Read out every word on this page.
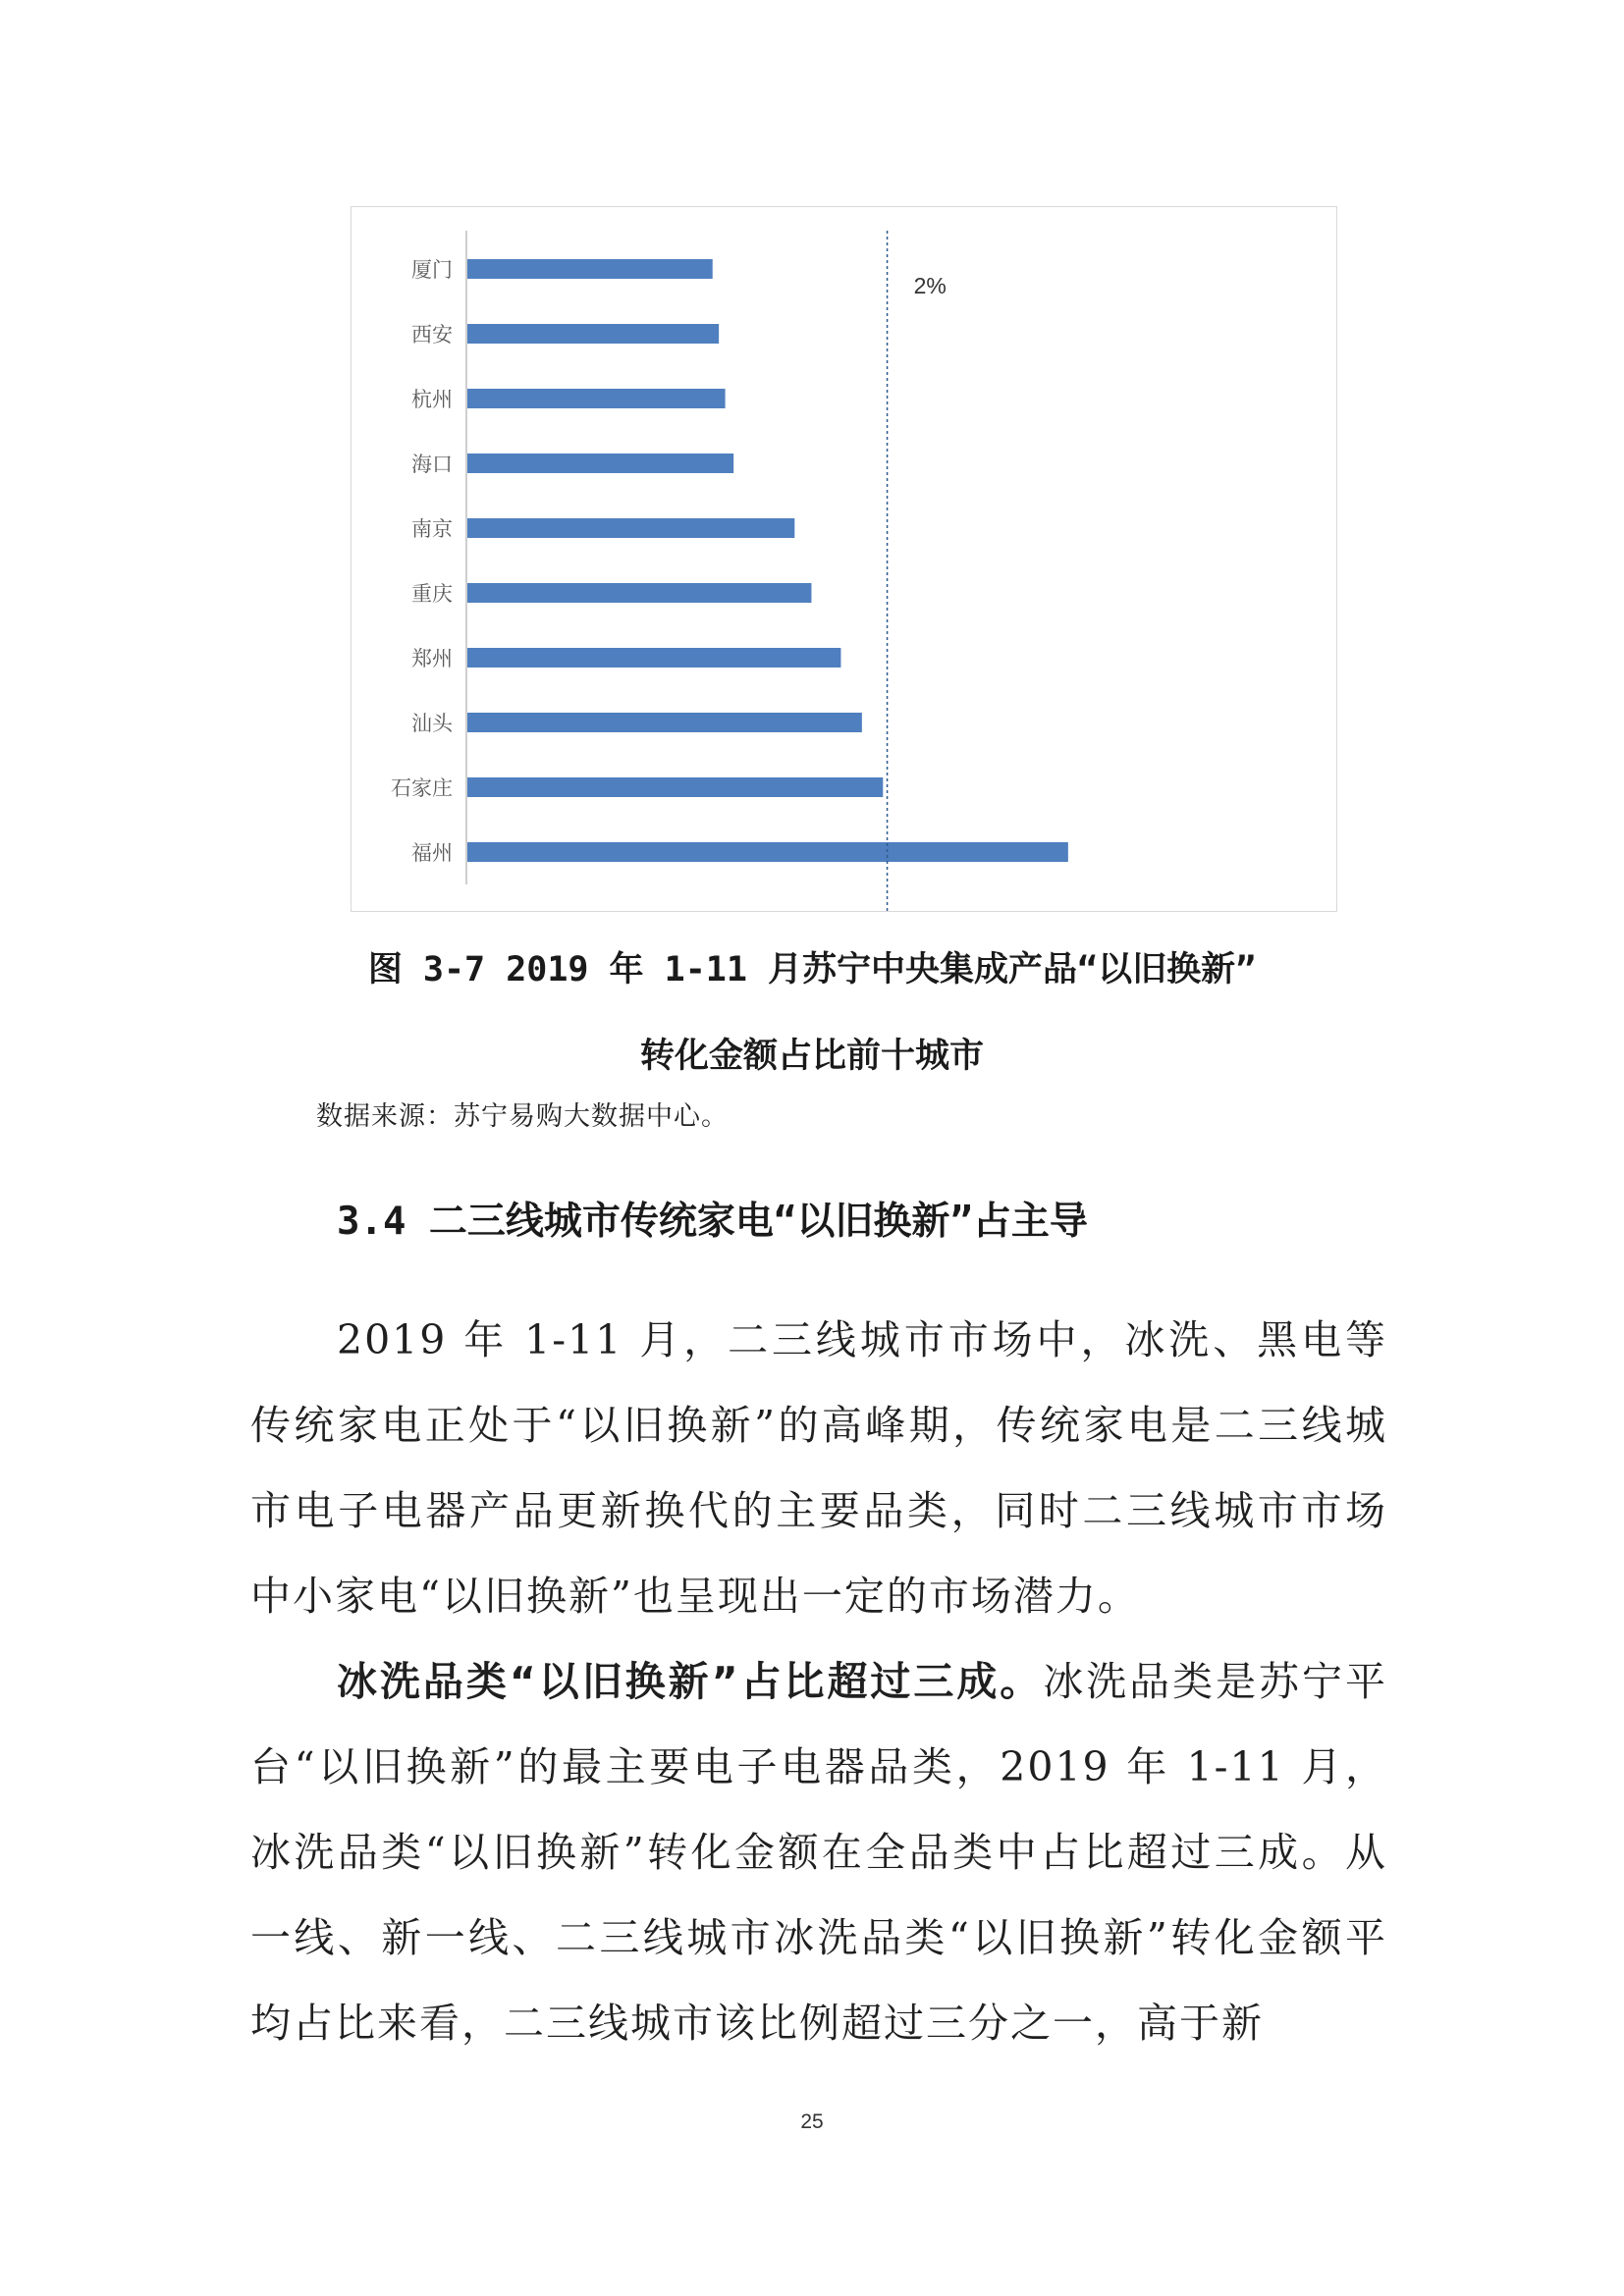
厦门
西安
杭州
海口
南京
重庆
郑州
汕头
石家庄
福州
2%
图 3-7 2019 年 1-11 月苏宁中央集成产品“以旧换新”
转化金额占比前十城市
数据来源：苏宁易购大数据中心。
3.4 二三线城市传统家电“以旧换新”占主导

2019 年 1-11 月，二三线城市市场中，冰洗、黑电等传统家电正处于“以旧换新”的高峰期，传统家电是二三线城市电子电器产品更新换代的主要品类，同时二三线城市市场中小家电“以旧换新”也呈现出一定的市场潜力。

冰洗品类“以旧换新”占比超过三成。冰洗品类是苏宁平台“以旧换新”的最主要电子电器品类，2019 年 1-11 月，冰洗品类“以旧换新”转化金额在全品类中占比超过三成。从一线、新一线、二三线城市冰洗品类“以旧换新”转化金额平均占比来看，二三线城市该比例超过三分之一，高于新

25
